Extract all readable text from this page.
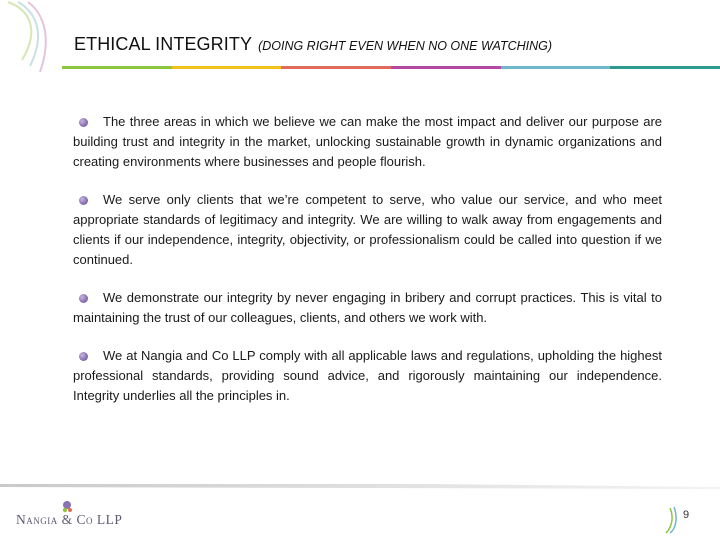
ETHICAL INTEGRITY (DOING RIGHT EVEN WHEN NO ONE WATCHING)

The three areas in which we believe we can make the most impact and deliver our purpose are building trust and integrity in the market, unlocking sustainable growth in dynamic organizations and creating environments where businesses and people flourish.

We serve only clients that we’re competent to serve, who value our service, and who meet appropriate standards of legitimacy and integrity. We are willing to walk away from engagements and clients if our independence, integrity, objectivity, or professionalism could be called into question if we continued.

We demonstrate our integrity by never engaging in bribery and corrupt practices. This is vital to maintaining the trust of our colleagues, clients, and others we work with.

We at Nangia and Co LLP comply with all applicable laws and regulations, upholding the highest professional standards, providing sound advice, and rigorously maintaining our independence. Integrity underlies all the principles in.

Nangia & Co LLP	9
